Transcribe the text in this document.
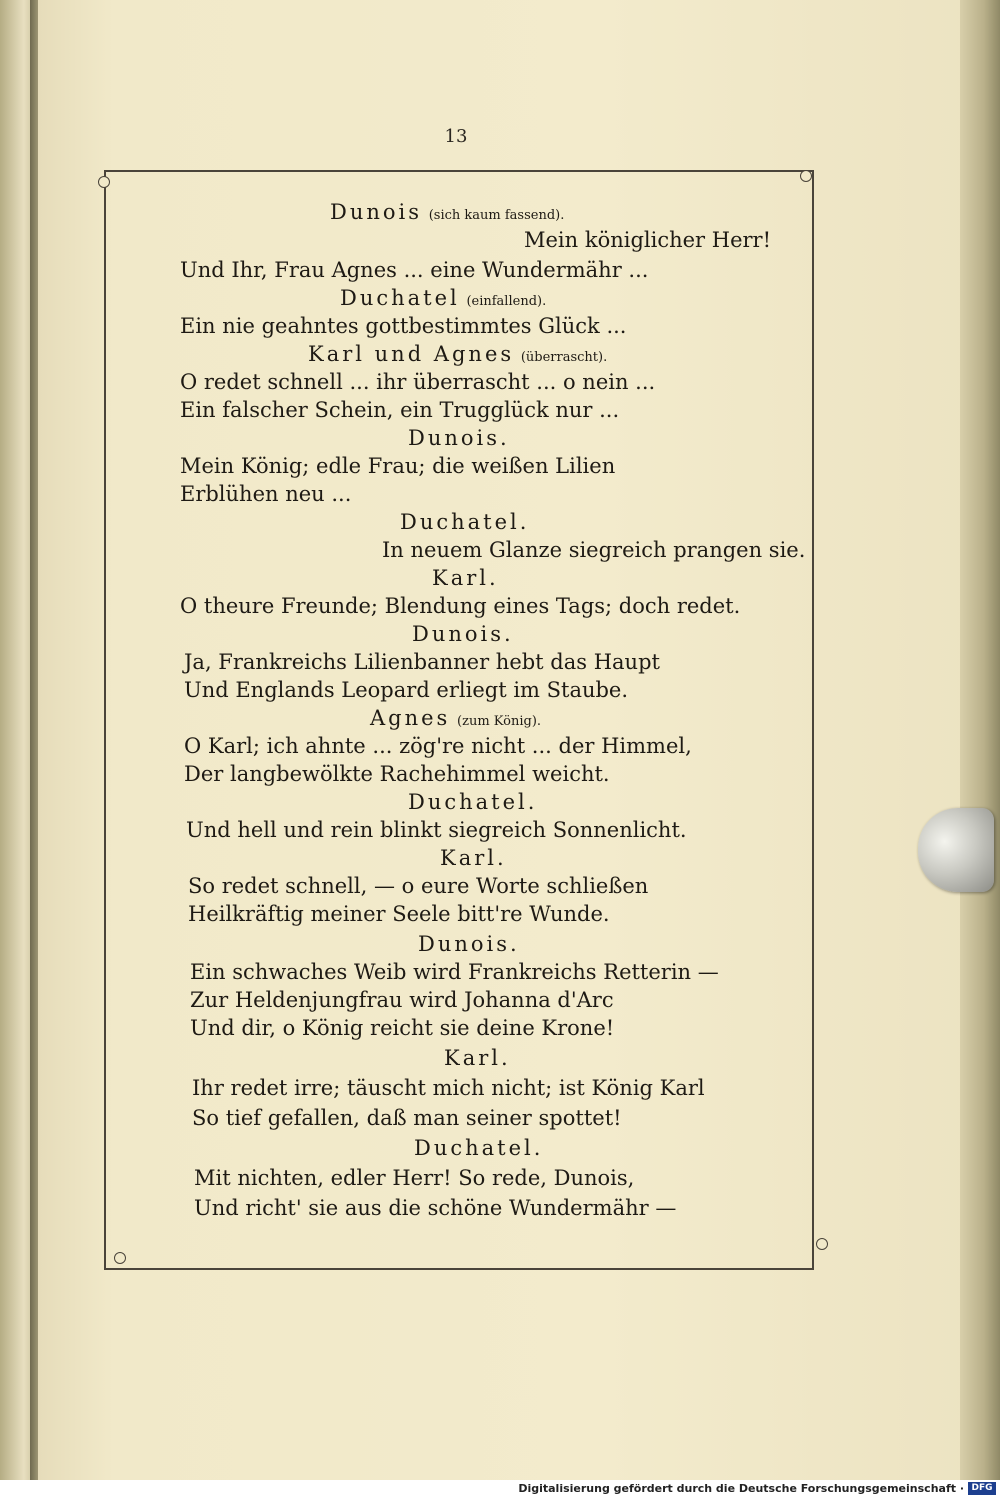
13
Dunois (sich kaum fassend).
Mein königlicher Herr!
Und Ihr, Frau Agnes ... eine Wundermähr ...
Duchatel (einfallend).
Ein nie geahntes gottbestimmtes Glück ...
Karl und Agnes (überrascht).
O redet schnell ... ihr überrascht ... o nein ...
Ein falscher Schein, ein Trugglück nur ...
Dunois.
Mein König; edle Frau; die weißen Lilien
Erblühen neu ...
Duchatel.
In neuem Glanze siegreich prangen sie.
Karl.
O theure Freunde; Blendung eines Tags; doch redet.
Dunois.
Ja, Frankreichs Lilienbanner hebt das Haupt
Und Englands Leopard erliegt im Staube.
Agnes (zum König).
O Karl; ich ahnte ... zög're nicht ... der Himmel,
Der langbewölkte Rachehimmel weicht.
Duchatel.
Und hell und rein blinkt siegreich Sonnenlicht.
Karl.
So redet schnell, — o eure Worte schließen
Heilkräftig meiner Seele bitt're Wunde.
Dunois.
Ein schwaches Weib wird Frankreichs Retterin —
Zur Heldenjungfrau wird Johanna d'Arc
Und dir, o König reicht sie deine Krone!
Karl.
Ihr redet irre; täuscht mich nicht; ist König Karl
So tief gefallen, daß man seiner spottet!
Duchatel.
Mit nichten, edler Herr! So rede, Dunois,
Und richt' sie aus die schöne Wundermähr —
Digitalisierung gefördert durch die Deutsche Forschungsgemeinschaft · DFG
